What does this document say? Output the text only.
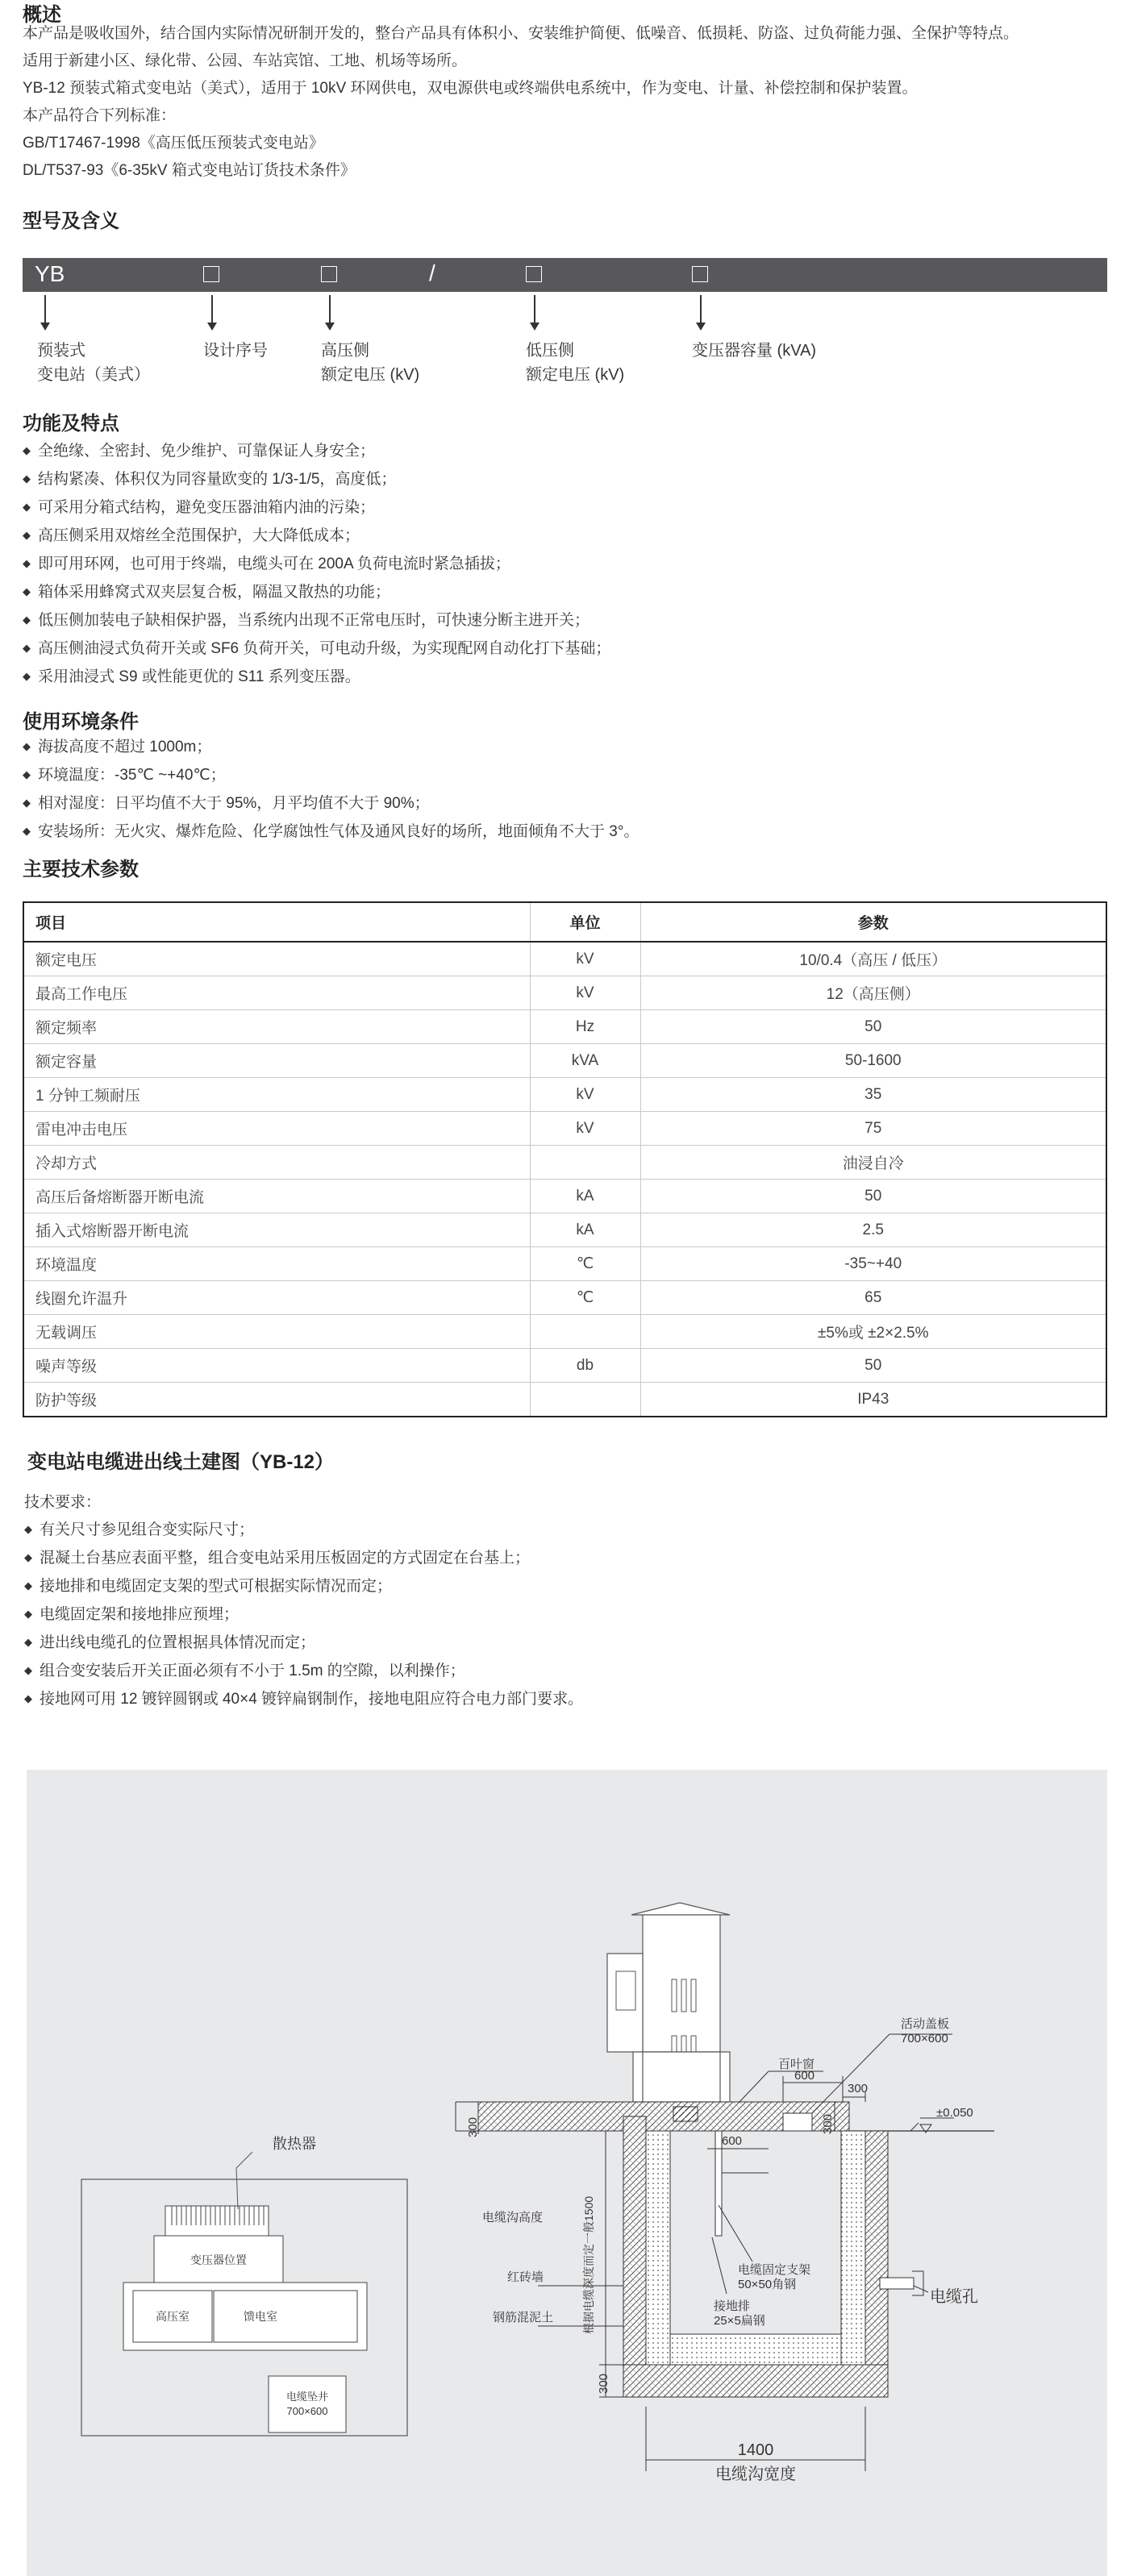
概述

本产品是吸收国外，结合国内实际情况研制开发的，整台产品具有体积小、安装维护简便、低噪音、低损耗、防盗、过负荷能力强、全保护等特点。

适用于新建小区、绿化带、公园、车站宾馆、工地、机场等场所。

YB-12 预装式箱式变电站（美式），适用于 10kV 环网供电，双电源供电或终端供电系统中，作为变电、计量、补偿控制和保护装置。

本产品符合下列标准：

GB/T17467-1998《高压低压预装式变电站》

DL/T537-93《6-35kV 箱式变电站订货技术条件》

型号及含义
YB	/
预装式
变电站（美式）
设计序号	高压侧
额定电压 (kV)
低压侧
额定电压 (kV)
变压器容量 (kVA)
功能及特点
◆ 全绝缘、全密封、免少维护、可靠保证人身安全；
◆ 结构紧凑、体积仅为同容量欧变的 1/3-1/5，高度低；
◆ 可采用分箱式结构，避免变压器油箱内油的污染；
◆ 高压侧采用双熔丝全范围保护，大大降低成本；
◆ 即可用环网，也可用于终端，电缆头可在 200A 负荷电流时紧急插拔；
◆ 箱体采用蜂窝式双夹层复合板，隔温又散热的功能；
◆ 低压侧加装电子缺相保护器，当系统内出现不正常电压时，可快速分断主进开关；
◆ 高压侧油浸式负荷开关或 SF6 负荷开关，可电动升级，为实现配网自动化打下基础；
◆ 采用油浸式 S9 或性能更优的 S11 系列变压器。
使用环境条件
◆ 海拔高度不超过 1000m；
◆ 环境温度：-35℃ ~+40℃；
◆ 相对湿度：日平均值不大于 95%，月平均值不大于 90%；
◆ 安装场所：无火灾、爆炸危险、化学腐蚀性气体及通风良好的场所，地面倾角不大于 3°。
主要技术参数
项目	单位	参数
额定电压	kV	10/0.4（高压 / 低压）
最高工作电压	kV	12（高压侧）
额定频率	Hz	50
额定容量	kVA	50-1600
1 分钟工频耐压	kV	35
雷电冲击电压	kV	75
冷却方式		油浸自冷
高压后备熔断器开断电流	kA	50
插入式熔断器开断电流	kA	2.5
环境温度	℃	-35~+40
线圈允许温升	℃	65
无载调压		±5%或 ±2×2.5%
噪声等级	db	50
防护等级		IP43
变电站电缆进出线土建图（YB-12）

技术要求：

◆ 有关尺寸参见组合变实际尺寸；
◆ 混凝土台基应表面平整，组合变电站采用压板固定的方式固定在台基上；
◆ 接地排和电缆固定支架的型式可根据实际情况而定；
◆ 电缆固定架和接地排应预埋；
◆ 进出线电缆孔的位置根据具体情况而定；
◆ 组合变安装后开关正面必须有不小于 1.5m 的空隙，以利操作；
◆ 接地网可用 12 镀锌圆钢或 40×4 镀锌扁钢制作，接地电阻应符合电力部门要求。
散热器
变压器位置
高压室	馈电室
电缆坠井
700×600
百叶窗
活动盖板
700×600
±0.050
600
300
600
300	300
300
根据电缆深度而定一般1500
电缆沟高度
电缆固定支架
50×50角钢
接地排
25×5扁钢
红砖墙
钢筋混泥土
电缆孔
1400
电缆沟宽度
